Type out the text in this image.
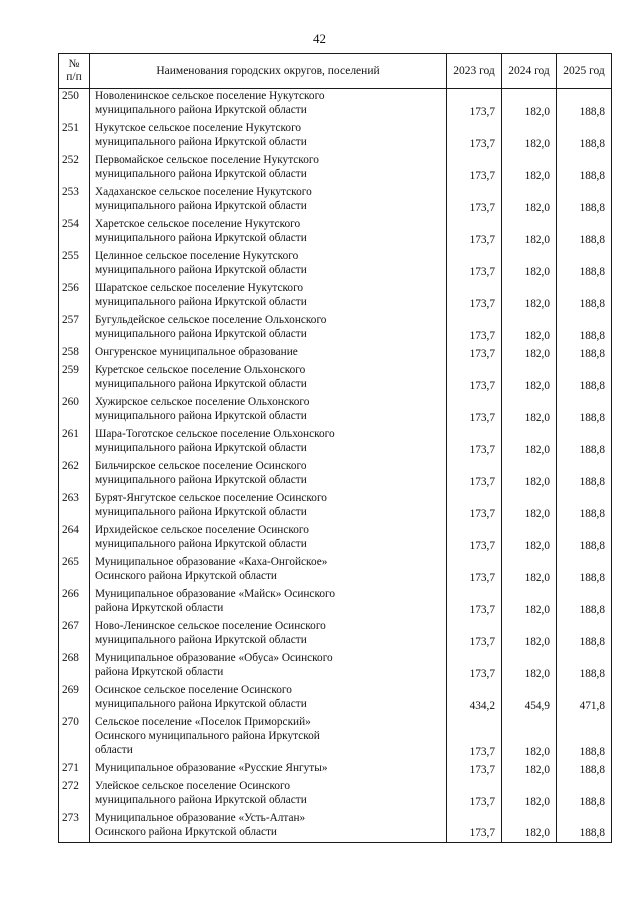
42
№
п/п	Наименования городских округов, поселений	2023 год	2024 год	2025 год
250	Новоленинское сельское поселение Нукутского
муниципального района Иркутской области	173,7	182,0	188,8
251	Нукутское сельское поселение Нукутского
муниципального района Иркутской области	173,7	182,0	188,8
252	Первомайское сельское поселение Нукутского
муниципального района Иркутской области	173,7	182,0	188,8
253	Хадаханское сельское поселение Нукутского
муниципального района Иркутской области	173,7	182,0	188,8
254	Харетское сельское поселение Нукутского
муниципального района Иркутской области	173,7	182,0	188,8
255	Целинное сельское поселение Нукутского
муниципального района Иркутской области	173,7	182,0	188,8
256	Шаратское сельское поселение Нукутского
муниципального района Иркутской области	173,7	182,0	188,8
257	Бугульдейское сельское поселение Ольхонского
муниципального района Иркутской области	173,7	182,0	188,8
258	Онгуренское муниципальное образование	173,7	182,0	188,8
259	Куретское сельское поселение Ольхонского
муниципального района Иркутской области	173,7	182,0	188,8
260	Хужирское сельское поселение Ольхонского
муниципального района Иркутской области	173,7	182,0	188,8
261	Шара-Тоготское сельское поселение Ольхонского
муниципального района Иркутской области	173,7	182,0	188,8
262	Бильчирское сельское поселение Осинского
муниципального района Иркутской области	173,7	182,0	188,8
263	Бурят-Янгутское сельское поселение Осинского
муниципального района Иркутской области	173,7	182,0	188,8
264	Ирхидейское сельское поселение Осинского
муниципального района Иркутской области	173,7	182,0	188,8
265	Муниципальное образование «Каха-Онгойское»
Осинского района Иркутской области	173,7	182,0	188,8
266	Муниципальное образование «Майск» Осинского
района Иркутской области	173,7	182,0	188,8
267	Ново-Ленинское сельское поселение Осинского
муниципального района Иркутской области	173,7	182,0	188,8
268	Муниципальное образование «Обуса» Осинского
района Иркутской области	173,7	182,0	188,8
269	Осинское сельское поселение Осинского
муниципального района Иркутской области	434,2	454,9	471,8
270	Сельское поселение «Поселок Приморский»
Осинского муниципального района Иркутской
области	173,7	182,0	188,8
271	Муниципальное образование «Русские Янгуты»	173,7	182,0	188,8
272	Улейское сельское поселение Осинского
муниципального района Иркутской области	173,7	182,0	188,8
273	Муниципальное образование «Усть-Алтан»
Осинского района Иркутской области	173,7	182,0	188,8
